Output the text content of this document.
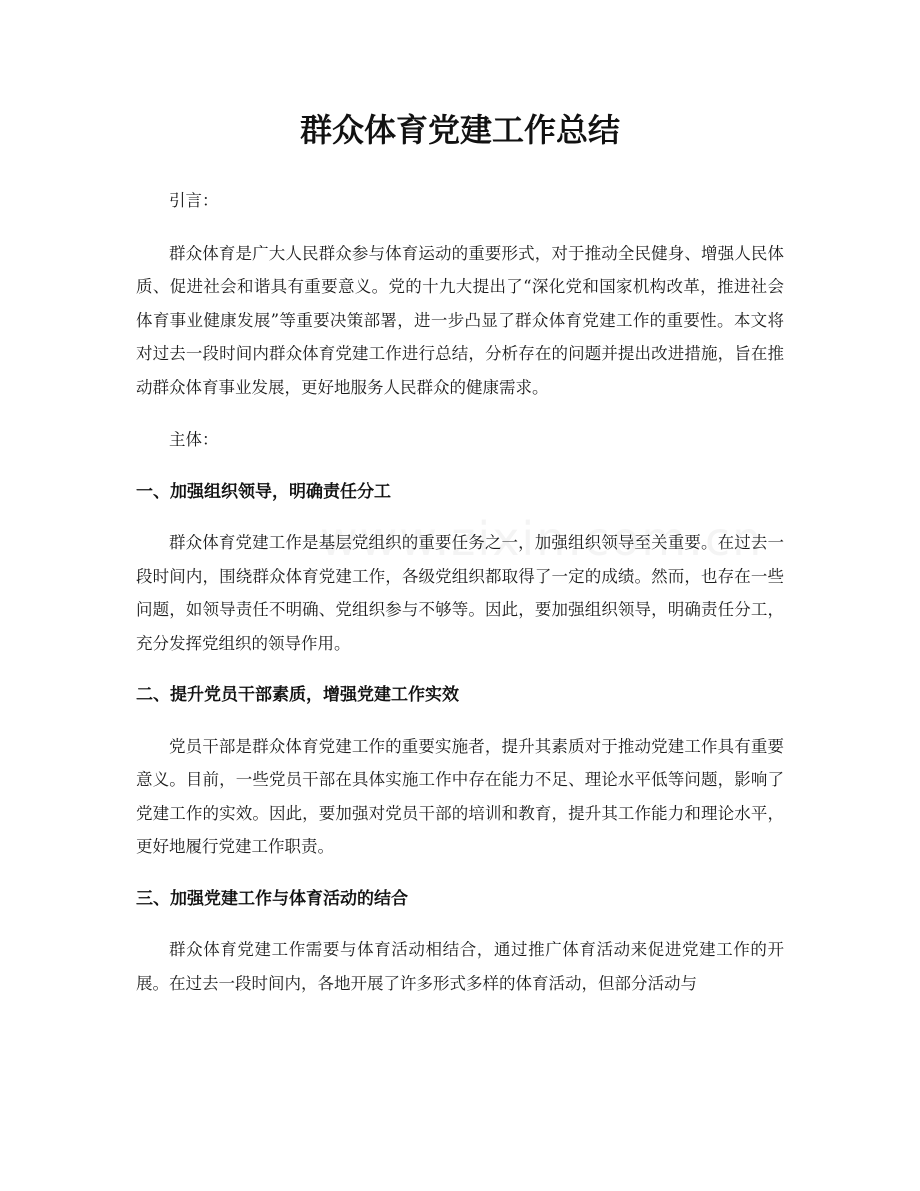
群众体育党建工作总结

引言：

群众体育是广大人民群众参与体育运动的重要形式，对于推动全民健身、增强人民体质、促进社会和谐具有重要意义。党的十九大提出了“深化党和国家机构改革，推进社会体育事业健康发展”等重要决策部署，进一步凸显了群众体育党建工作的重要性。本文将对过去一段时间内群众体育党建工作进行总结，分析存在的问题并提出改进措施，旨在推动群众体育事业发展，更好地服务人民群众的健康需求。

主体：

一、加强组织领导，明确责任分工

群众体育党建工作是基层党组织的重要任务之一，加强组织领导至关重要。在过去一段时间内，围绕群众体育党建工作，各级党组织都取得了一定的成绩。然而，也存在一些问题，如领导责任不明确、党组织参与不够等。因此，要加强组织领导，明确责任分工，充分发挥党组织的领导作用。

二、提升党员干部素质，增强党建工作实效

党员干部是群众体育党建工作的重要实施者，提升其素质对于推动党建工作具有重要意义。目前，一些党员干部在具体实施工作中存在能力不足、理论水平低等问题，影响了党建工作的实效。因此，要加强对党员干部的培训和教育，提升其工作能力和理论水平，更好地履行党建工作职责。

三、加强党建工作与体育活动的结合

群众体育党建工作需要与体育活动相结合，通过推广体育活动来促进党建工作的开展。在过去一段时间内，各地开展了许多形式多样的体育活动，但部分活动与
